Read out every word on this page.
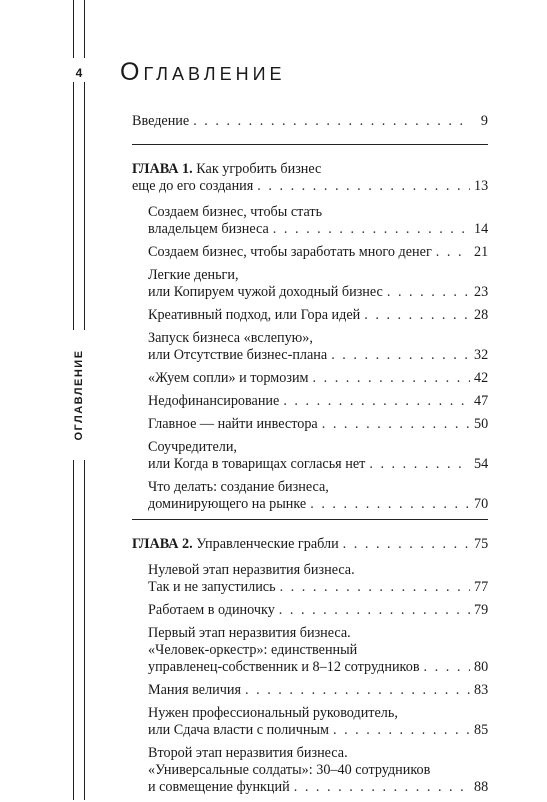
4
ОГЛАВЛЕНИЕ
Оглавление
Введение . . .	9
ГЛАВА 1. Как угробить бизнес
еще до его создания . . .	13
Создаем бизнес, чтобы стать
владельцем бизнеса . . .	14
Создаем бизнес, чтобы заработать много денег . . .	21
Легкие деньги,
или Копируем чужой доходный бизнес . . .	23
Креативный подход, или Гора идей . . .	28
Запуск бизнеса «вслепую»,
или Отсутствие бизнес-плана . . .	32
«Жуем сопли» и тормозим . . .	42
Недофинансирование . . .	47
Главное — найти инвестора . . .	50
Соучредители,
или Когда в товарищах согласья нет . . .	54
Что делать: создание бизнеса,
доминирующего на рынке . . .	70
ГЛАВА 2. Управленческие грабли . . .	75
Нулевой этап неразвития бизнеса.
Так и не запустились . . .	77
Работаем в одиночку . . .	79
Первый этап неразвития бизнеса.
«Человек-оркестр»: единственный
управленец-собственник и 8–12 сотрудников . . .	80
Мания величия . . .	83
Нужен профессиональный руководитель,
или Сдача власти с поличным . . .	85
Второй этап неразвития бизнеса.
«Универсальные солдаты»: 30–40 сотрудников
и совмещение функций . . .	88
